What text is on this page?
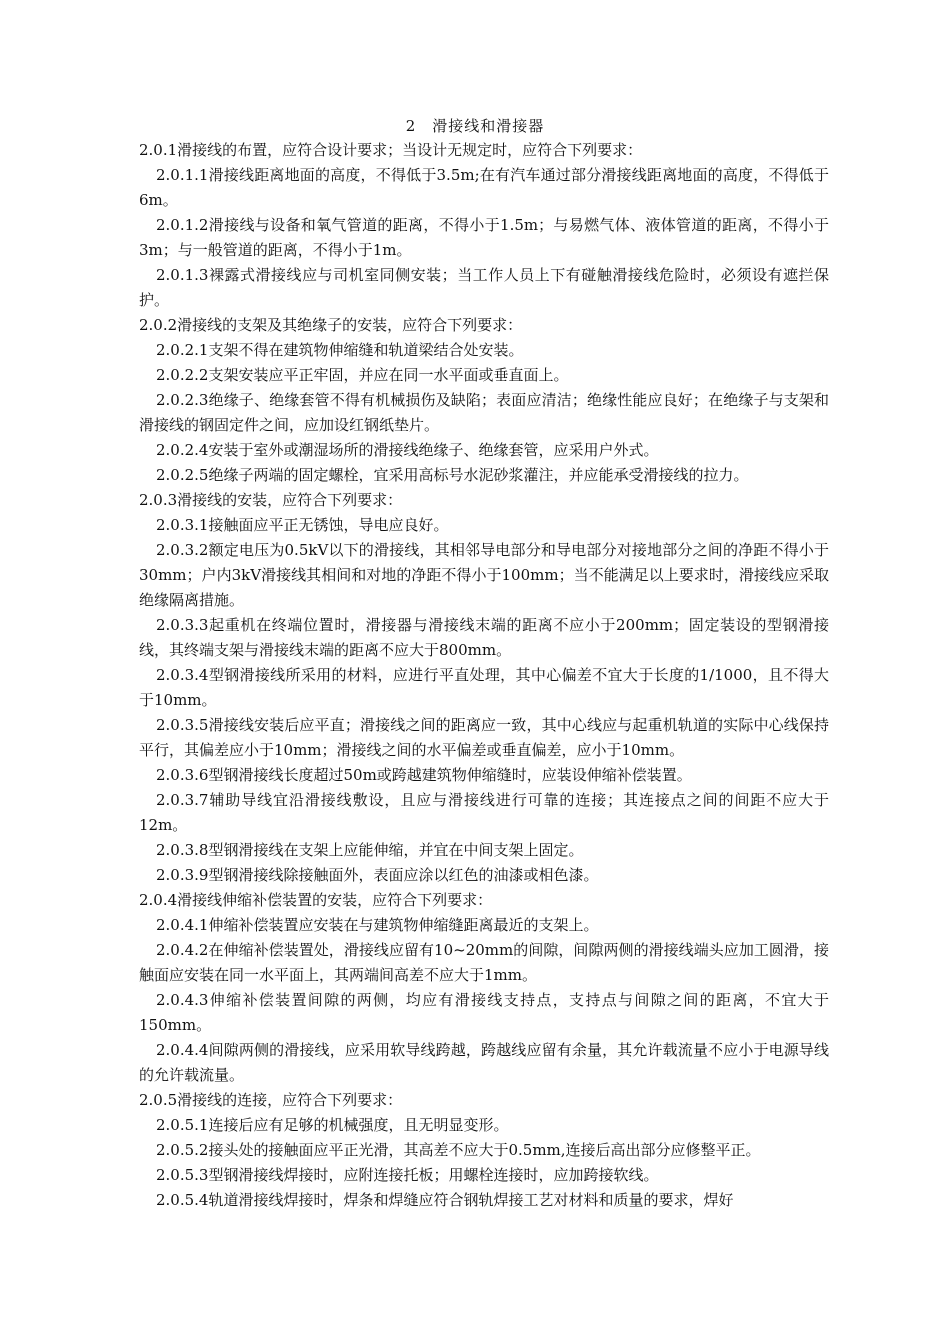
2　滑接线和滑接器

2.0.1滑接线的布置，应符合设计要求；当设计无规定时，应符合下列要求：

2.0.1.1滑接线距离地面的高度，不得低于3.5m;在有汽车通过部分滑接线距离地面的高度，不得低于6m。

2.0.1.2滑接线与设备和氧气管道的距离，不得小于1.5m；与易燃气体、液体管道的距离，不得小于3m；与一般管道的距离，不得小于1m。

2.0.1.3裸露式滑接线应与司机室同侧安装；当工作人员上下有碰触滑接线危险时，必须设有遮拦保护。

2.0.2滑接线的支架及其绝缘子的安装，应符合下列要求：

2.0.2.1支架不得在建筑物伸缩缝和轨道梁结合处安装。

2.0.2.2支架安装应平正牢固，并应在同一水平面或垂直面上。

2.0.2.3绝缘子、绝缘套管不得有机械损伤及缺陷；表面应清洁；绝缘性能应良好；在绝缘子与支架和滑接线的钢固定件之间，应加设红钢纸垫片。

2.0.2.4安装于室外或潮湿场所的滑接线绝缘子、绝缘套管，应采用户外式。

2.0.2.5绝缘子两端的固定螺栓，宜采用高标号水泥砂浆灌注，并应能承受滑接线的拉力。

2.0.3滑接线的安装，应符合下列要求：

2.0.3.1接触面应平正无锈蚀，导电应良好。

2.0.3.2额定电压为0.5kV以下的滑接线，其相邻导电部分和导电部分对接地部分之间的净距不得小于30mm；户内3kV滑接线其相间和对地的净距不得小于100mm；当不能满足以上要求时，滑接线应采取绝缘隔离措施。

2.0.3.3起重机在终端位置时，滑接器与滑接线末端的距离不应小于200mm；固定装设的型钢滑接线，其终端支架与滑接线末端的距离不应大于800mm。

2.0.3.4型钢滑接线所采用的材料，应进行平直处理，其中心偏差不宜大于长度的1/1000，且不得大于10mm。

2.0.3.5滑接线安装后应平直；滑接线之间的距离应一致，其中心线应与起重机轨道的实际中心线保持平行，其偏差应小于10mm；滑接线之间的水平偏差或垂直偏差，应小于10mm。

2.0.3.6型钢滑接线长度超过50m或跨越建筑物伸缩缝时，应装设伸缩补偿装置。

2.0.3.7辅助导线宜沿滑接线敷设，且应与滑接线进行可靠的连接；其连接点之间的间距不应大于12m。

2.0.3.8型钢滑接线在支架上应能伸缩，并宜在中间支架上固定。

2.0.3.9型钢滑接线除接触面外，表面应涂以红色的油漆或相色漆。

2.0.4滑接线伸缩补偿装置的安装，应符合下列要求：

2.0.4.1伸缩补偿装置应安装在与建筑物伸缩缝距离最近的支架上。

2.0.4.2在伸缩补偿装置处，滑接线应留有10~20mm的间隙，间隙两侧的滑接线端头应加工圆滑，接触面应安装在同一水平面上，其两端间高差不应大于1mm。

2.0.4.3伸缩补偿装置间隙的两侧，均应有滑接线支持点，支持点与间隙之间的距离，不宜大于150mm。

2.0.4.4间隙两侧的滑接线，应采用软导线跨越，跨越线应留有余量，其允许载流量不应小于电源导线的允许载流量。

2.0.5滑接线的连接，应符合下列要求：

2.0.5.1连接后应有足够的机械强度，且无明显变形。

2.0.5.2接头处的接触面应平正光滑，其高差不应大于0.5mm,连接后高出部分应修整平正。

2.0.5.3型钢滑接线焊接时，应附连接托板；用螺栓连接时，应加跨接软线。

2.0.5.4轨道滑接线焊接时，焊条和焊缝应符合钢轨焊接工艺对材料和质量的要求，焊好
